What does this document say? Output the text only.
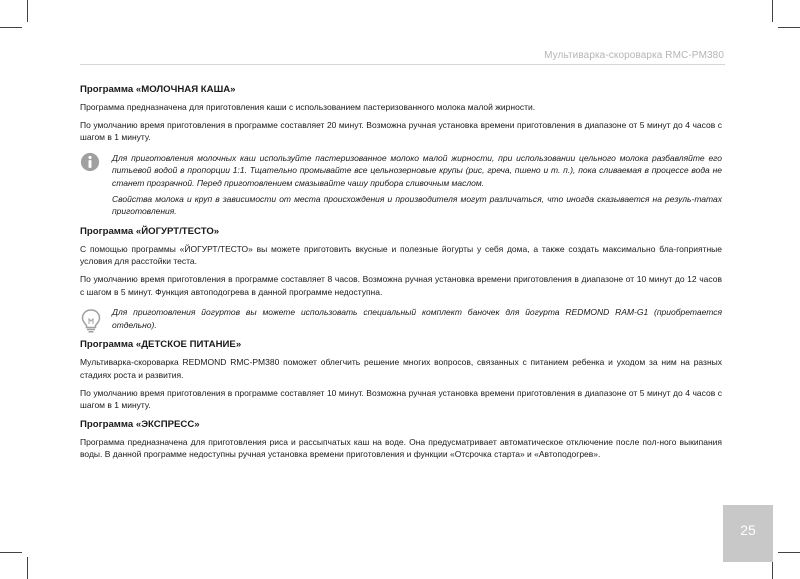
Мультиварка-скороварка RMC-PM380
Программа «МОЛОЧНАЯ КАША»

Программа предназначена для приготовления каши с использованием пастеризованного молока малой жирности.

По умолчанию время приготовления в программе составляет 20 минут. Возможна ручная установка времени приготовления в диапазоне от 5 минут до 4 часов с шагом в 1 минуту.

Для приготовления молочных каш используйте пастеризованное молоко малой жирности, при использовании цельного молока разбавляйте его питьевой водой в пропорции 1:1. Тщательно промывайте все цельнозерновые крупы (рис, греча, пшено и т. п.), пока сливаемая в процессе вода не станет прозрачной. Перед приготовлением смазывайте чашу прибора сливочным маслом.

Свойства молока и круп в зависимости от места происхождения и производителя могут различаться, что иногда сказывается на резуль-татах приготовления.

Программа «ЙОГУРТ/ТЕСТО»

С помощью программы «ЙОГУРТ/ТЕСТО» вы можете приготовить вкусные и полезные йогурты у себя дома, а также создать максимально бла-гоприятные условия для расстойки теста.

По умолчанию время приготовления в программе составляет 8 часов. Возможна ручная установка времени приготовления в диапазоне от 10 минут до 12 часов с шагом в 5 минут. Функция автоподогрева в данной программе недоступна.

Для приготовления йогуртов вы можете использовать специальный комплект баночек для йогурта REDMOND RAM-G1 (приобретается отдельно).

Программа «ДЕТСКОЕ ПИТАНИЕ»

Мультиварка-скороварка REDMOND RMC-PM380 поможет облегчить решение многих вопросов, связанных с питанием ребенка и уходом за ним на разных стадиях роста и развития.

По умолчанию время приготовления в программе составляет 10 минут. Возможна ручная установка времени приготовления в диапазоне от 5 минут до 4 часов с шагом в 1 минуту.

Программа «ЭКСПРЕСС»

Программа предназначена для приготовления риса и рассыпчатых каш на воде. Она предусматривает автоматическое отключение после пол-ного выкипания воды. В данной программе недоступны ручная установка времени приготовления и функции «Отсрочка старта» и «Автоподогрев».

25
